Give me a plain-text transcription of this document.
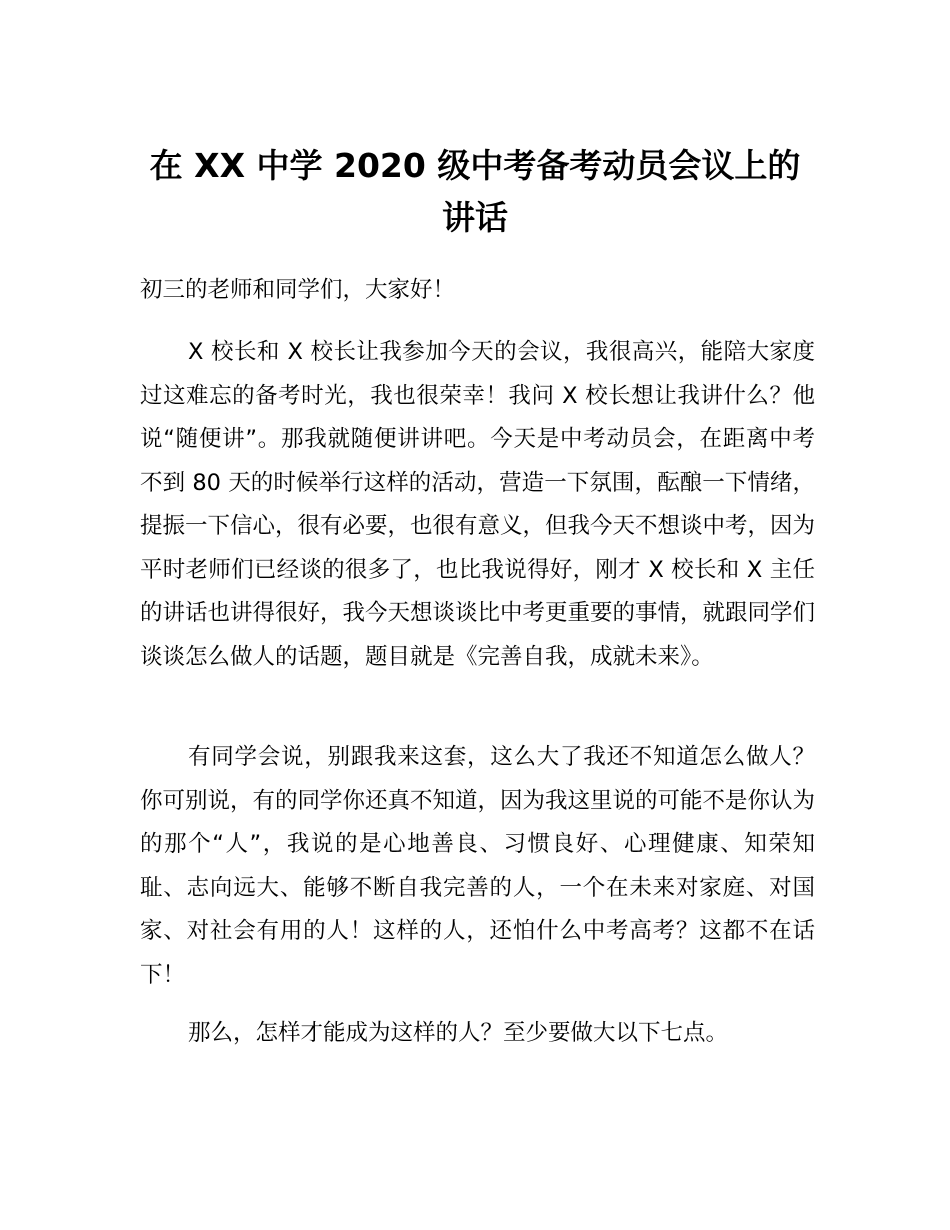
在 XX 中学 2020 级中考备考动员会议上的讲话

初三的老师和同学们，大家好！

X 校长和 X 校长让我参加今天的会议，我很高兴，能陪大家度过这难忘的备考时光，我也很荣幸！我问 X 校长想让我讲什么？他说“随便讲”。那我就随便讲讲吧。今天是中考动员会，在距离中考不到 80 天的时候举行这样的活动，营造一下氛围，酝酿一下情绪，提振一下信心，很有必要，也很有意义，但我今天不想谈中考，因为平时老师们已经谈的很多了，也比我说得好，刚才 X 校长和 X 主任的讲话也讲得很好，我今天想谈谈比中考更重要的事情，就跟同学们谈谈怎么做人的话题，题目就是《完善自我，成就未来》。

有同学会说，别跟我来这套，这么大了我还不知道怎么做人？你可别说，有的同学你还真不知道，因为我这里说的可能不是你认为的那个“人”，我说的是心地善良、习惯良好、心理健康、知荣知耻、志向远大、能够不断自我完善的人，一个在未来对家庭、对国家、对社会有用的人！这样的人，还怕什么中考高考？这都不在话下！

那么，怎样才能成为这样的人？至少要做大以下七点。
